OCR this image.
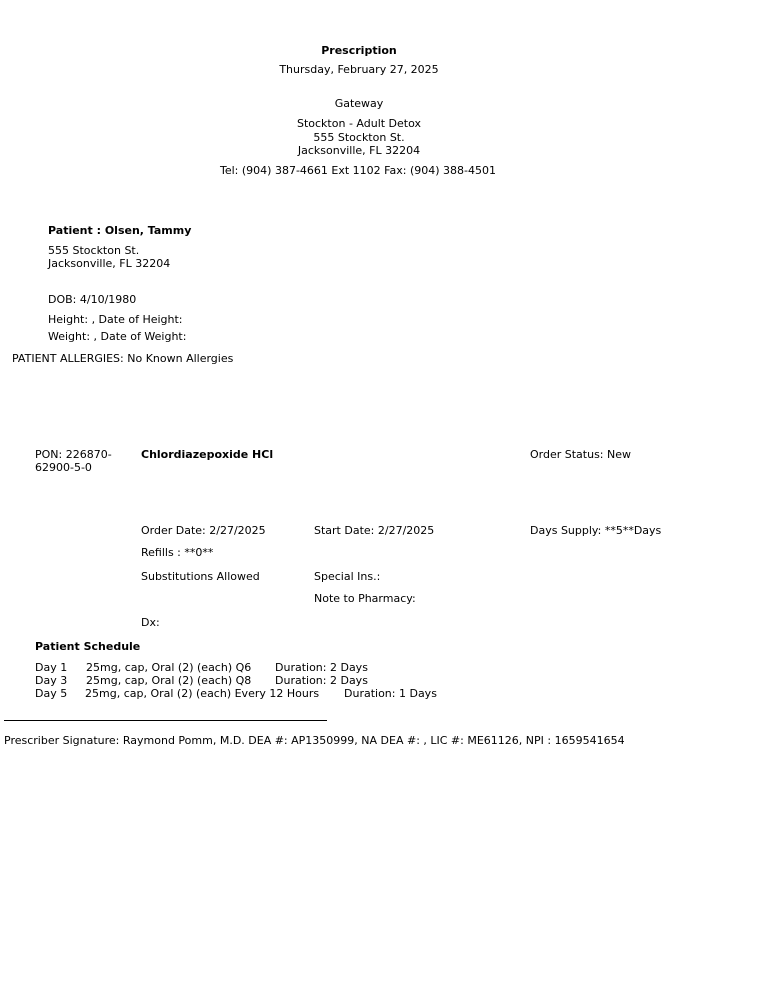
Prescription
Thursday, February 27, 2025
Gateway
Stockton - Adult Detox
555 Stockton St.
Jacksonville, FL 32204
Tel: (904) 387-4661 Ext 1102 Fax: (904) 388-4501
Patient : Olsen, Tammy
555 Stockton St.
Jacksonville, FL 32204
DOB: 4/10/1980
Height: , Date of Height:
Weight: , Date of Weight:
PATIENT ALLERGIES: No Known Allergies
PON: 226870-
62900-5-0
Chlordiazepoxide HCl	Order Status: New
Order Date: 2/27/2025	Start Date: 2/27/2025	Days Supply: **5**Days
Refills : **0**
Substitutions Allowed	Special Ins.:
Note to Pharmacy:
Dx:
Patient Schedule
Day 1 25mg, cap, Oral (2) (each) Q6 Duration: 2 Days
Day 3 25mg, cap, Oral (2) (each) Q8 Duration: 2 Days
Day 5 25mg, cap, Oral (2) (each) Every 12 Hours Duration: 1 Days
Prescriber Signature: Raymond Pomm, M.D. DEA #: AP1350999, NA DEA #: , LIC #: ME61126, NPI : 1659541654
